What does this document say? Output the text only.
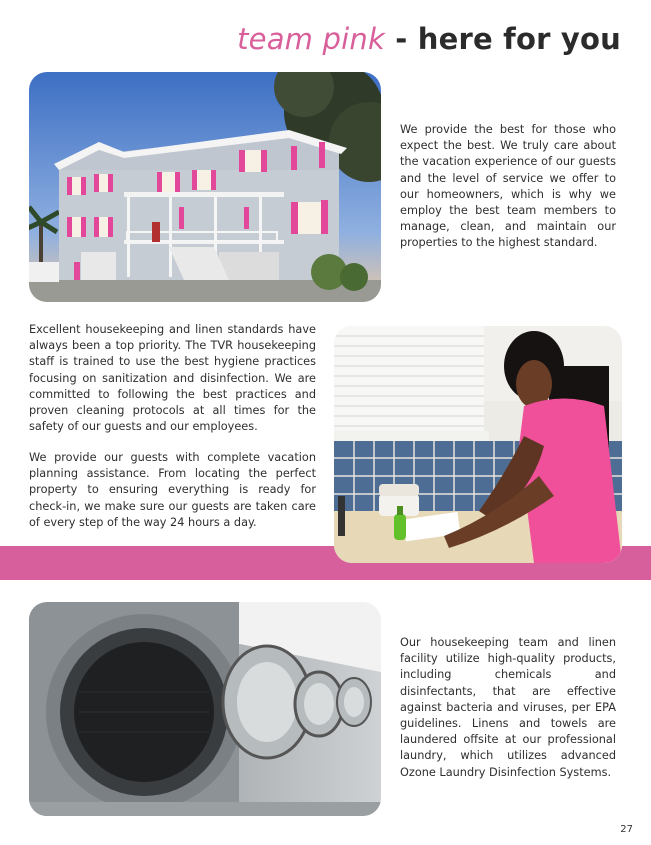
team pink - here for you

We provide the best for those who expect the best. We truly care about the vacation experience of our guests and the level of service we offer to our homeowners, which is why we employ the best team members to manage, clean, and maintain our properties to the highest standard.

Excellent housekeeping and linen standards have always been a top priority. The TVR housekeeping staff is trained to use the best hygiene practices focusing on sanitization and disinfection. We are committed to following the best practices and proven cleaning protocols at all times for the safety of our guests and our employees.

We provide our guests with complete vacation planning assistance. From locating the perfect property to ensuring everything is ready for check-in, we make sure our guests are taken care of every step of the way 24 hours a day.

Our housekeeping team and linen facility utilize high-quality products, including chemicals and disinfectants, that are effective against bacteria and viruses, per EPA guidelines. Linens and towels are laundered offsite at our professional laundry, which utilizes advanced Ozone Laundry Disinfection Systems.

27
